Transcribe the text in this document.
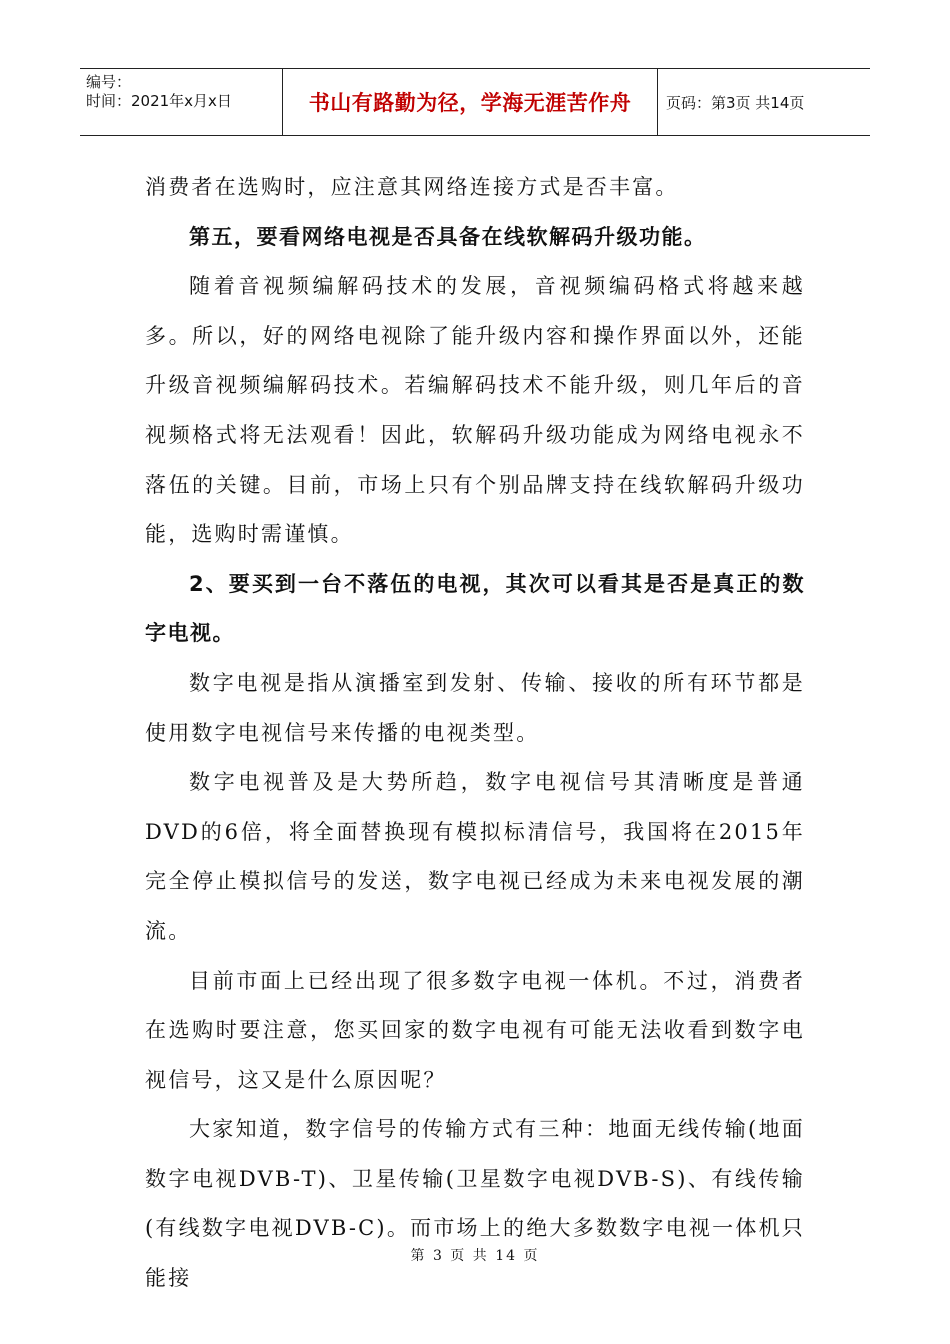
编号：
时间：2021年x月x日	书山有路勤为径，学海无涯苦作舟	页码：第3页 共14页

消费者在选购时，应注意其网络连接方式是否丰富。

第五，要看网络电视是否具备在线软解码升级功能。

随着音视频编解码技术的发展，音视频编码格式将越来越多。所以，好的网络电视除了能升级内容和操作界面以外，还能升级音视频编解码技术。若编解码技术不能升级，则几年后的音视频格式将无法观看！因此，软解码升级功能成为网络电视永不落伍的关键。目前，市场上只有个别品牌支持在线软解码升级功能，选购时需谨慎。

2、要买到一台不落伍的电视，其次可以看其是否是真正的数字电视。

数字电视是指从演播室到发射、传输、接收的所有环节都是使用数字电视信号来传播的电视类型。

数字电视普及是大势所趋，数字电视信号其清晰度是普通DVD的6倍，将全面替换现有模拟标清信号，我国将在2015年完全停止模拟信号的发送，数字电视已经成为未来电视发展的潮流。

目前市面上已经出现了很多数字电视一体机。不过，消费者在选购时要注意，您买回家的数字电视有可能无法收看到数字电视信号，这又是什么原因呢？

大家知道，数字信号的传输方式有三种：地面无线传输(地面数字电视DVB-T)、卫星传输(卫星数字电视DVB-S)、有线传输(有线数字电视DVB-C)。而市场上的绝大多数数字电视一体机只能接

第 3 页 共 14 页
